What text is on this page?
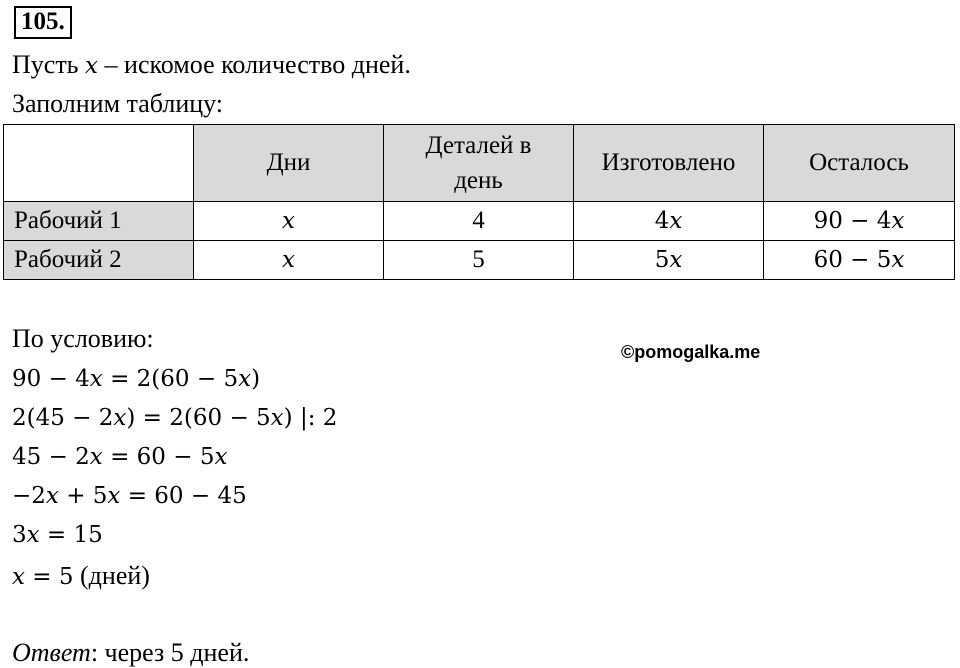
105.
Пусть x – искомое количество дней.
Заполним таблицу:
	Дни	Деталей в день	Изготовлено	Осталось
Рабочий 1	x	4	4x	90 − 4x
Рабочий 2	x	5	5x	60 − 5x
По условию:	©pomogalka.me
90 − 4x = 2(60 − 5x)
2(45 − 2x) = 2(60 − 5x) |: 2
45 − 2x = 60 − 5x
−2x + 5x = 60 − 45
3x = 15
x = 5 (дней)
Ответ: через 5 дней.
